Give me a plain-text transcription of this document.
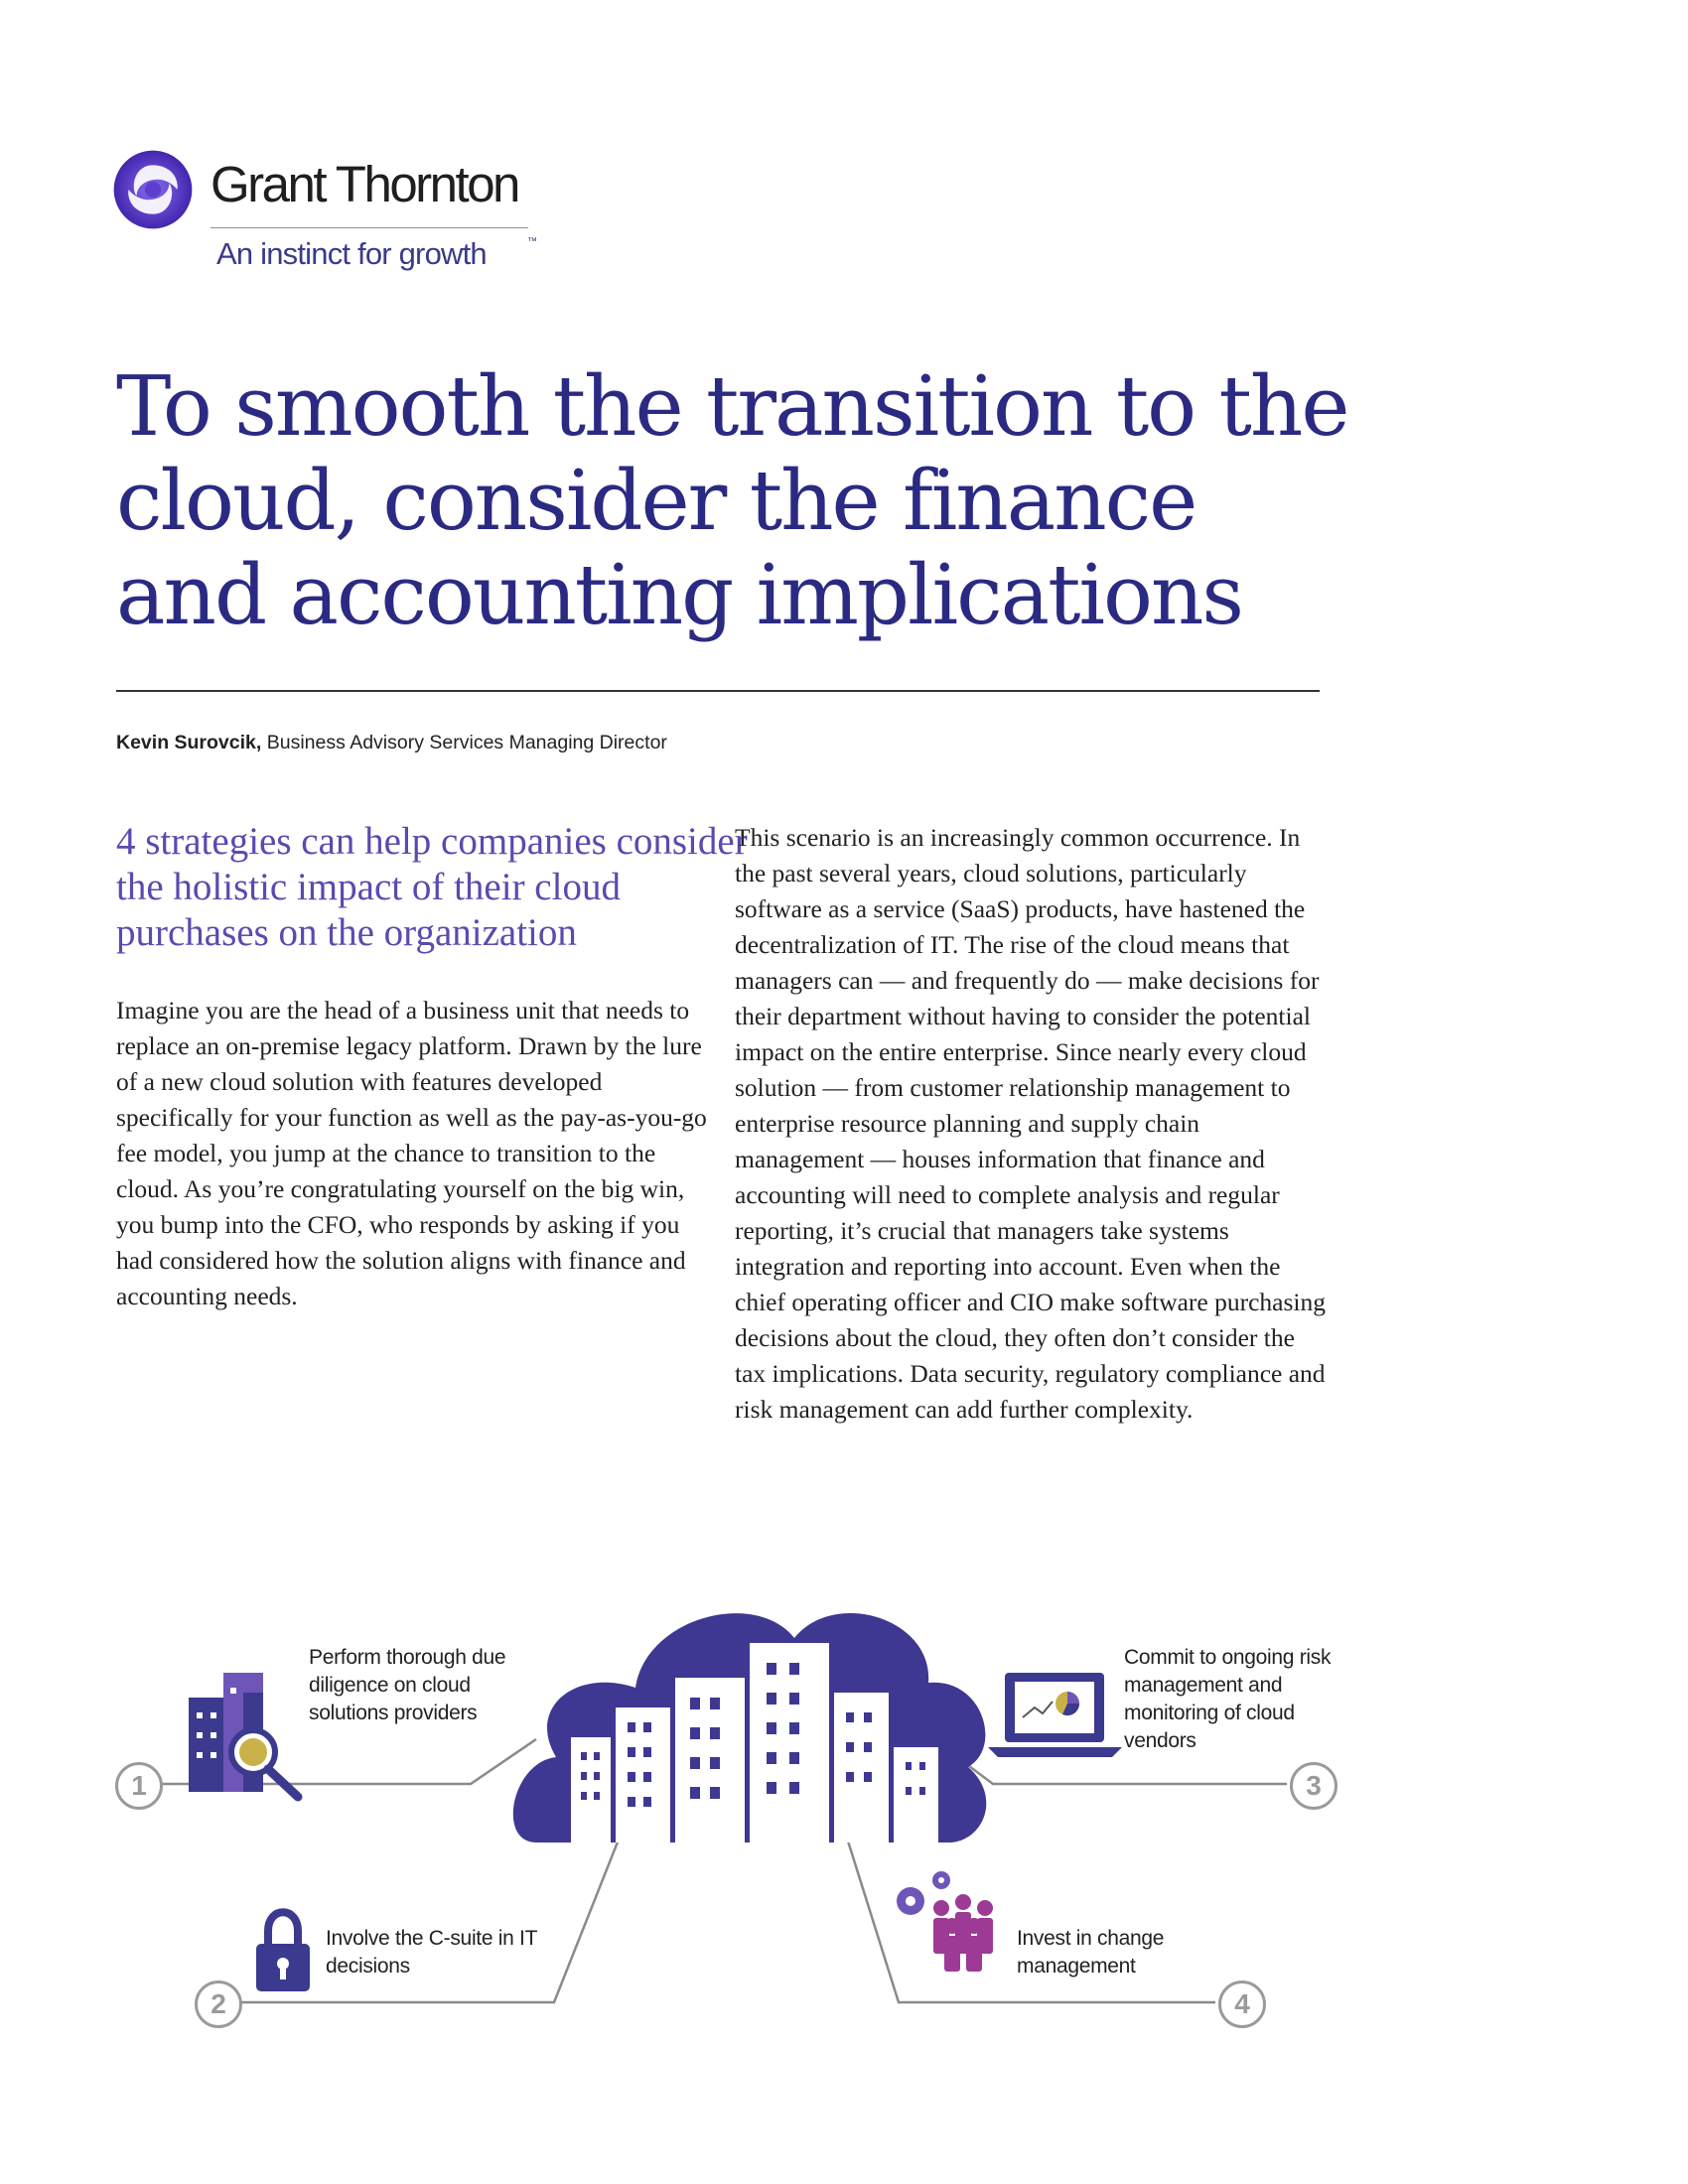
Grant Thornton
An instinct for growth	™
To smooth the transition to the cloud, consider the finance and accounting implications
Kevin Surovcik, Business Advisory Services Managing Director
4 strategies can help companies consider the holistic impact of their cloud purchases on the organization

Imagine you are the head of a business unit that needs to replace an on-premise legacy platform. Drawn by the lure of a new cloud solution with features developed specifically for your function as well as the pay-as-you-go fee model, you jump at the chance to transition to the cloud. As you’re congratulating yourself on the big win, you bump into the CFO, who responds by asking if you had considered how the solution aligns with finance and accounting needs.

This scenario is an increasingly common occurrence. In the past several years, cloud solutions, particularly software as a service (SaaS) products, have hastened the decentralization of IT. The rise of the cloud means that managers can — and frequently do — make decisions for their department without having to consider the potential impact on the entire enterprise. Since nearly every cloud solution — from customer relationship management to enterprise resource planning and supply chain management — houses information that finance and accounting will need to complete analysis and regular reporting, it’s crucial that managers take systems integration and reporting into account. Even when the chief operating officer and CIO make software purchasing decisions about the cloud, they often don’t consider the tax implications. Data security, regulatory compliance and risk management can add further complexity.

Perform thorough due diligence on cloud solutions providers

Involve the C-suite in IT decisions

Commit to ongoing risk management and monitoring of cloud vendors

Invest in change management

1
2
3
4
